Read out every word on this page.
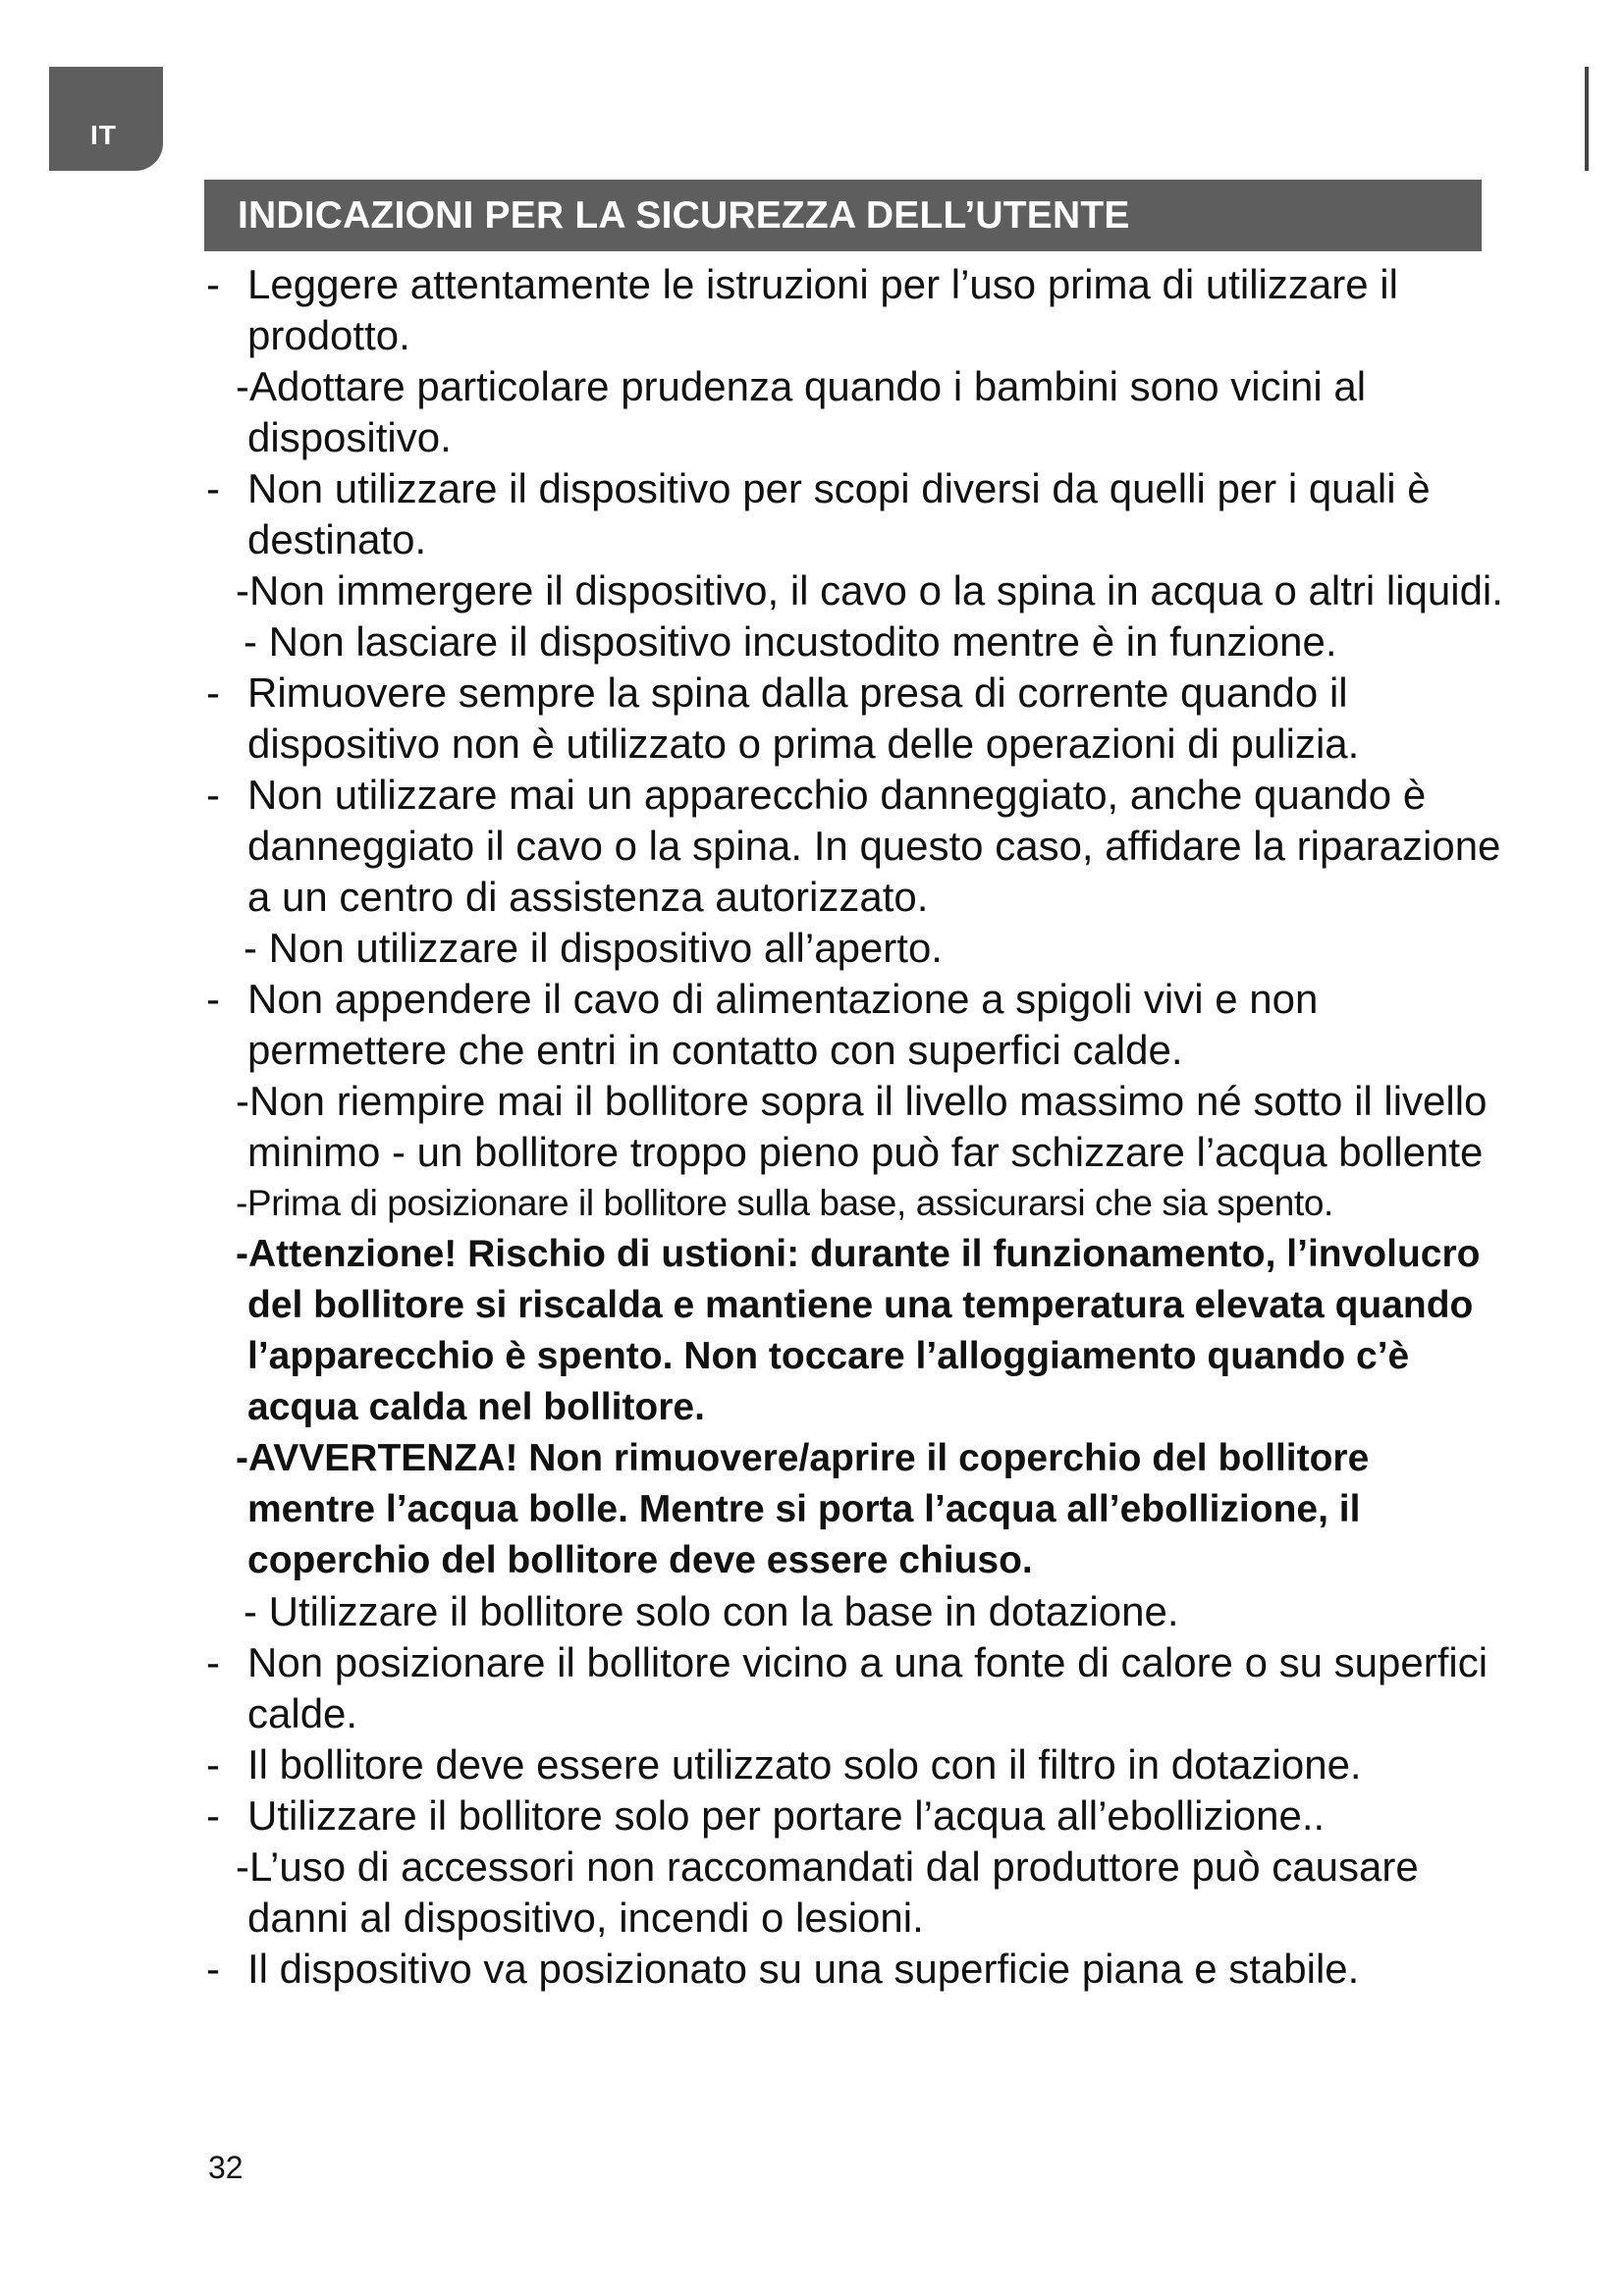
IT
INDICAZIONI PER LA SICUREZZA DELL’UTENTE
- Leggere attentamente le istruzioni per l’uso prima di utilizzare il prodotto.
-Adottare particolare prudenza quando i bambini sono vicini al dispositivo.
- Non utilizzare il dispositivo per scopi diversi da quelli per i quali è destinato.
-Non immergere il dispositivo, il cavo o la spina in acqua o altri liquidi.
- Non lasciare il dispositivo incustodito mentre è in funzione.
- Rimuovere sempre la spina dalla presa di corrente quando il dispositivo non è utilizzato o prima delle operazioni di pulizia.
- Non utilizzare mai un apparecchio danneggiato, anche quando è danneggiato il cavo o la spina. In questo caso, affidare la riparazione a un centro di assistenza autorizzato.
- Non utilizzare il dispositivo all’aperto.
- Non appendere il cavo di alimentazione a spigoli vivi e non permettere che entri in contatto con superfici calde.
-Non riempire mai il bollitore sopra il livello massimo né sotto il livello minimo - un bollitore troppo pieno può far schizzare l’acqua bollente
-Prima di posizionare il bollitore sulla base, assicurarsi che sia spento.
-Attenzione! Rischio di ustioni: durante il funzionamento, l’involucro del bollitore si riscalda e mantiene una temperatura elevata quando l’apparecchio è spento. Non toccare l’alloggiamento quando c’è acqua calda nel bollitore.
-AVVERTENZA! Non rimuovere/aprire il coperchio del bollitore mentre l’acqua bolle. Mentre si porta l’acqua all’ebollizione, il coperchio del bollitore deve essere chiuso.
- Utilizzare il bollitore solo con la base in dotazione.
- Non posizionare il bollitore vicino a una fonte di calore o su superfici calde.
- Il bollitore deve essere utilizzato solo con il filtro in dotazione.
- Utilizzare il bollitore solo per portare l’acqua all’ebollizione..
-L’uso di accessori non raccomandati dal produttore può causare danni al dispositivo, incendi o lesioni.
- Il dispositivo va posizionato su una superficie piana e stabile.
32
